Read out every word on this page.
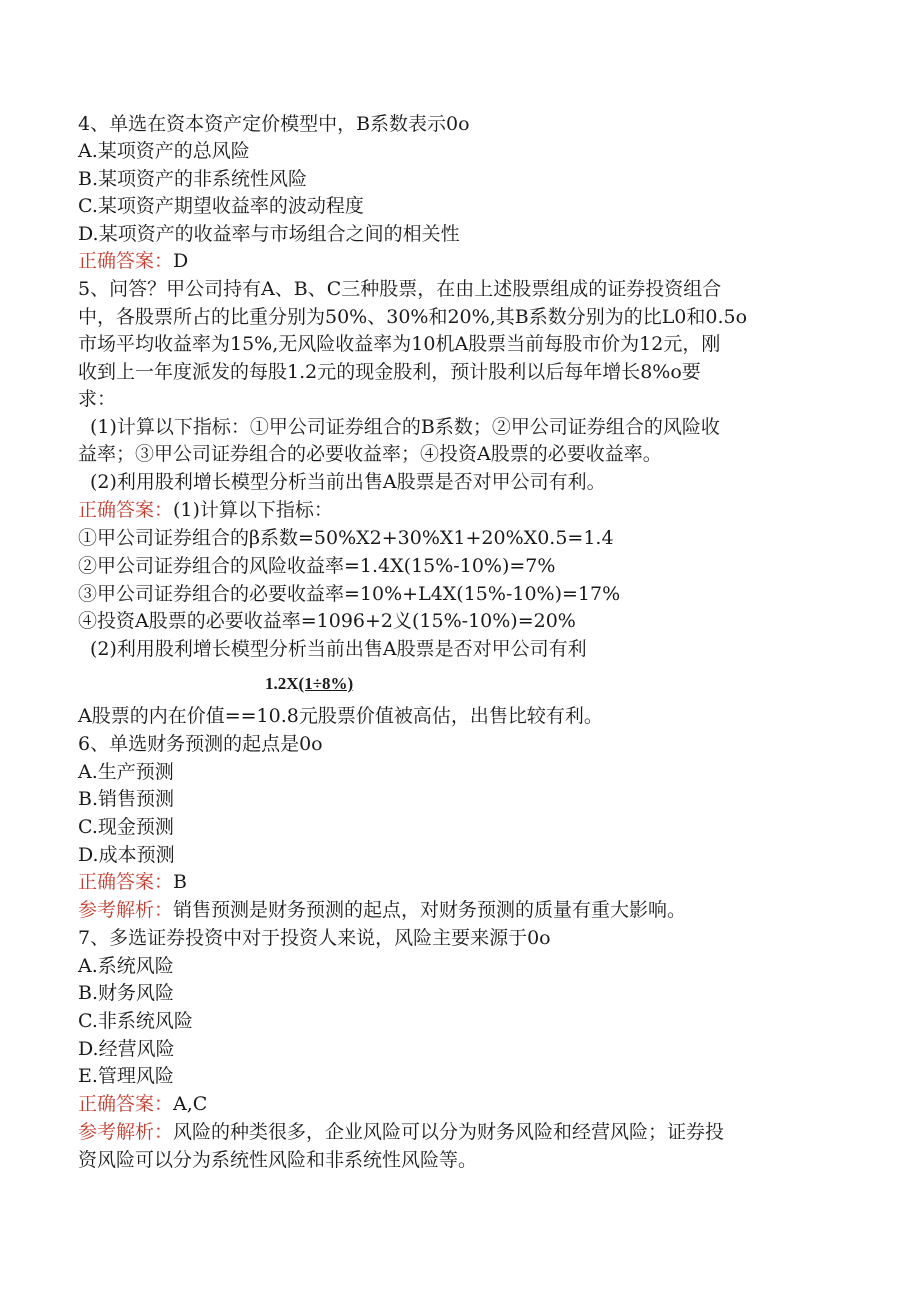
4、单选在资本资产定价模型中，B系数表示0o
A.某项资产的总风险
B.某项资产的非系统性风险
C.某项资产期望收益率的波动程度
D.某项资产的收益率与市场组合之间的相关性
正确答案：D
5、问答？甲公司持有A、B、C三种股票，在由上述股票组成的证券投资组合
中，各股票所占的比重分别为50%、30%和20%,其B系数分别为的比L0和0.5o
市场平均收益率为15%,无风险收益率为10机A股票当前每股市价为12元，刚
收到上一年度派发的每股1.2元的现金股利，预计股利以后每年增长8%o要
求：
(1)计算以下指标：①甲公司证券组合的B系数；②甲公司证券组合的风险收
益率；③甲公司证券组合的必要收益率；④投资A股票的必要收益率。
(2)利用股利增长模型分析当前出售A股票是否对甲公司有利。
正确答案：(1)计算以下指标：
①甲公司证券组合的β系数=50%X2+30%X1+20%X0.5=1.4
②甲公司证券组合的风险收益率=1.4X(15%-10%)=7%
③甲公司证券组合的必要收益率=10%+L4X(15%-10%)=17%
④投资A股票的必要收益率=1096+2义(15%-10%)=20%
(2)利用股利增长模型分析当前出售A股票是否对甲公司有利
1.2X(1÷8%)
A股票的内在价值==10.8元股票价值被高估，出售比较有利。
6、单选财务预测的起点是0o
A.生产预测
B.销售预测
C.现金预测
D.成本预测
正确答案：B
参考解析：销售预测是财务预测的起点，对财务预测的质量有重大影响。
7、多选证券投资中对于投资人来说，风险主要来源于0o
A.系统风险
B.财务风险
C.非系统风险
D.经营风险
E.管理风险
正确答案：A,C
参考解析：风险的种类很多，企业风险可以分为财务风险和经营风险；证券投
资风险可以分为系统性风险和非系统性风险等。
